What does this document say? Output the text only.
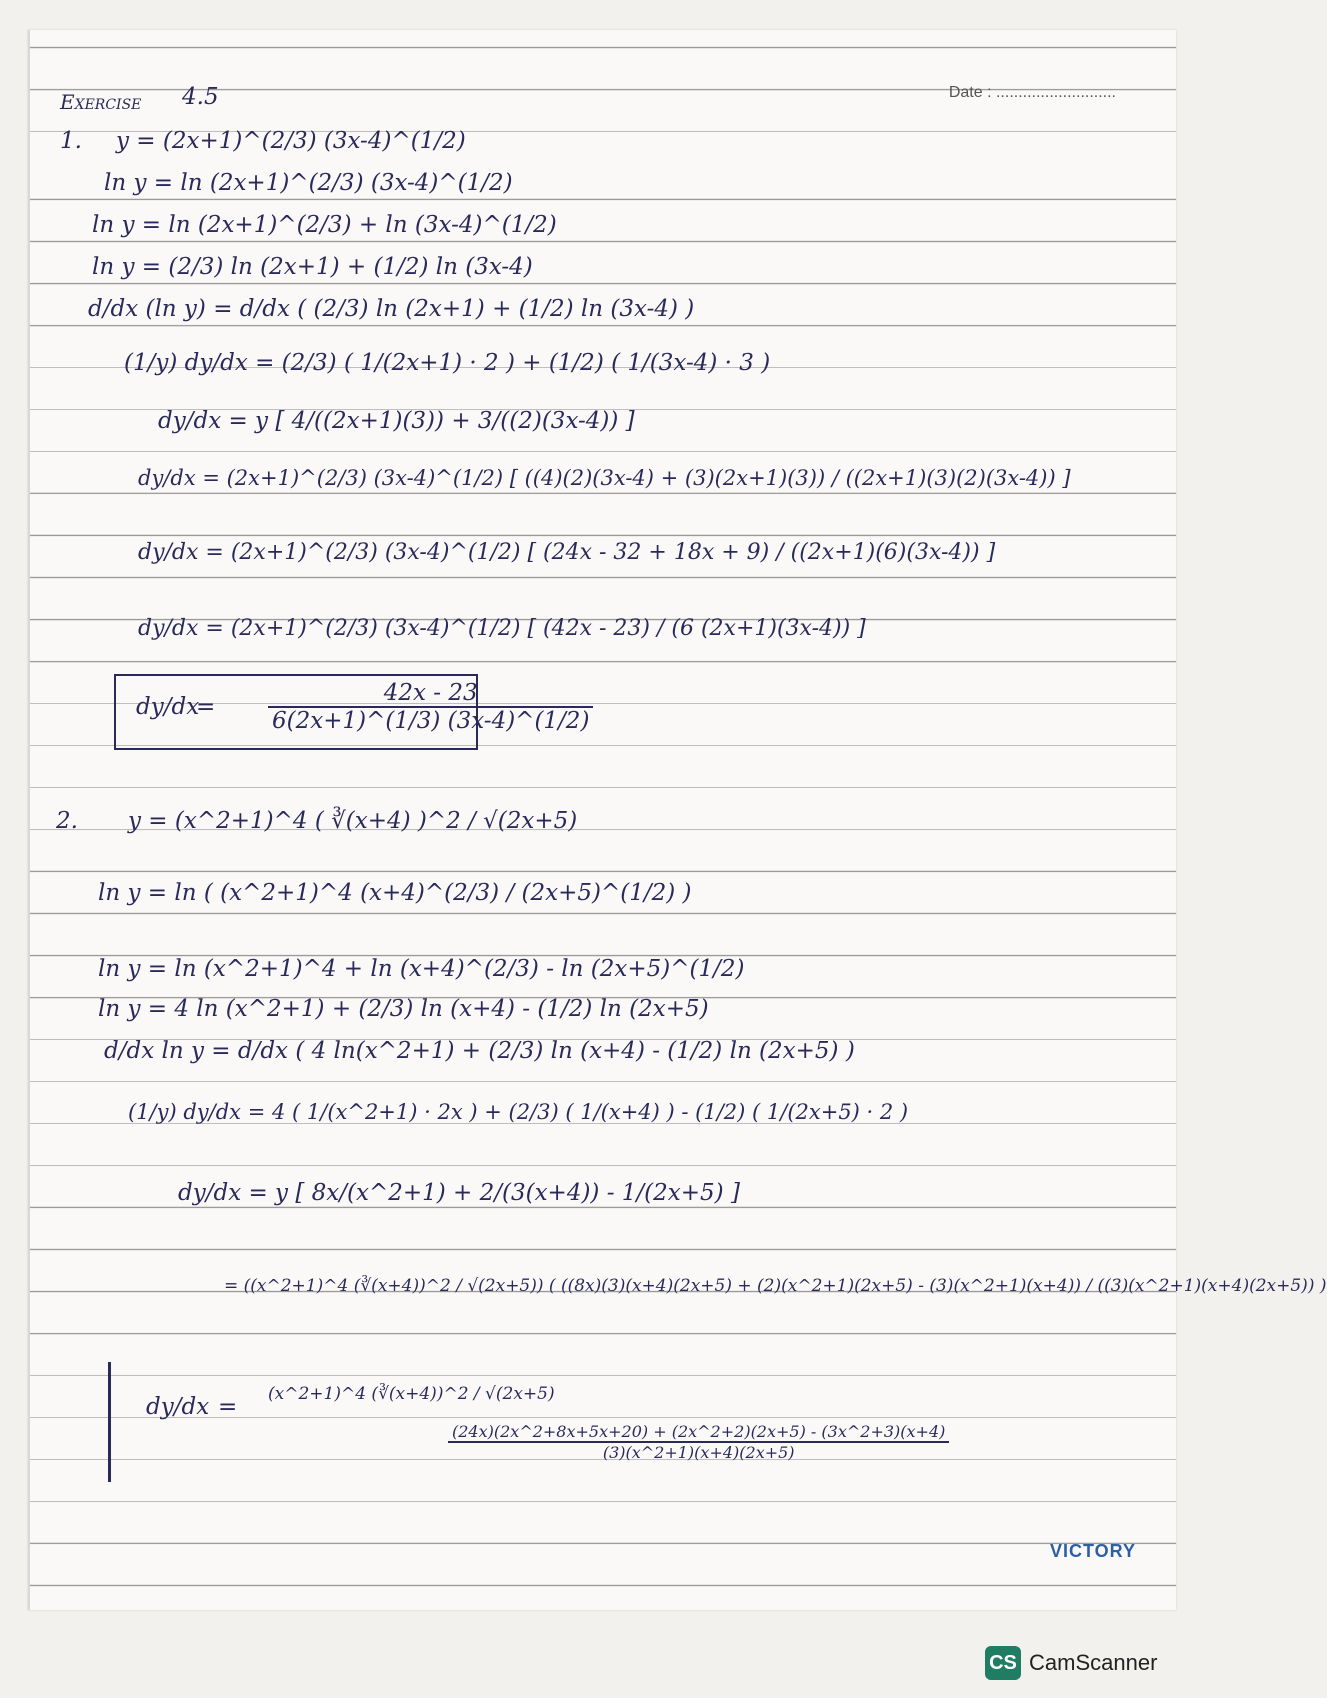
Date : ...........................
Exercise 4.5
1. y = (2x+1)^(2/3) (3x-4)^(1/2)
ln y = ln (2x+1)^(2/3) (3x-4)^(1/2)
ln y = ln (2x+1)^(2/3) + ln (3x-4)^(1/2)
ln y = (2/3) ln (2x+1) + (1/2) ln (3x-4)
d/dx (ln y) = d/dx ( (2/3) ln (2x+1) + (1/2) ln (3x-4) )
(1/y) dy/dx = (2/3) ( 1/(2x+1) · 2 ) + (1/2) ( 1/(3x-4) · 3 )
dy/dx = y [ 4/((2x+1)(3)) + 3/((2)(3x-4)) ]
dy/dx = (2x+1)^(2/3) (3x-4)^(1/2) [ ((4)(2)(3x-4) + (3)(2x+1)(3)) / ((2x+1)(3)(2)(3x-4)) ]
dy/dx = (2x+1)^(2/3) (3x-4)^(1/2) [ (24x - 32 + 18x + 9) / ((2x+1)(6)(3x-4)) ]
dy/dx = (2x+1)^(2/3) (3x-4)^(1/2) [ (42x - 23) / (6 (2x+1)(3x-4)) ]
dy/dx
= $\frac{42x - 23}{6(2x+1)\^{}(1/3) (3x-4)\^{}(1/2)}$
2. y = (x^2+1)^4 ( ∛(x+4) )^2 / √(2x+5)
ln y = ln ( (x^2+1)^4 (x+4)^(2/3) / (2x+5)^(1/2) )
ln y = ln (x^2+1)^4 + ln (x+4)^(2/3) - ln (2x+5)^(1/2)
ln y = 4 ln (x^2+1) + (2/3) ln (x+4) - (1/2) ln (2x+5)
d/dx ln y = d/dx ( 4 ln(x^2+1) + (2/3) ln (x+4) - (1/2) ln (2x+5) )
(1/y) dy/dx = 4 ( 1/(x^2+1) · 2x ) + (2/3) ( 1/(x+4) ) - (1/2) ( 1/(2x+5) · 2 )
dy/dx = y [ 8x/(x^2+1) + 2/(3(x+4)) - 1/(2x+5) ]
= ((x^2+1)^4 (∛(x+4))^2 / √(2x+5)) ( ((8x)(3)(x+4)(2x+5) + (2)(x^2+1)(2x+5) - (3)(x^2+1)(x+4)) / ((3)(x^2+1)(x+4)(2x+5)) )
dy/dx = (x^2+1)^4 (∛(x+4))^2 / √(2x+5)
$\frac{(24x)(2x\^{}2+8x+5x+20) + (2x\^{}2+2)(2x+5) - (3x\^{}2+3)(x+4)}{(3)(x\^{}2+1)(x+4)(2x+5)}$
VICTORY
CS CamScanner
